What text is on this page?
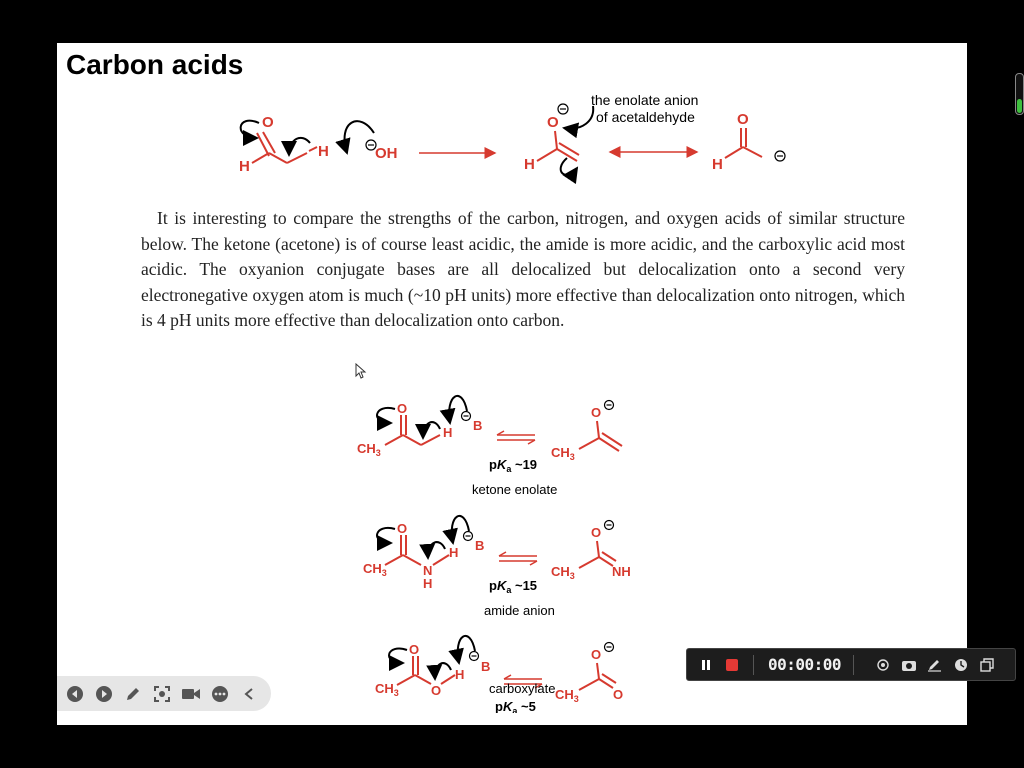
Carbon acids
O
H
H	OH
O
H
the enolate anion
of acetaldehyde	O
H

It is interesting to compare the strengths of the carbon, nitrogen, and oxygen acids of similar structure below. The ketone (acetone) is of course least acidic, the amide is more acidic, and the carboxylic acid most acidic. The oxyanion conjugate bases are all delocalized but delocalization onto a second very electronegative oxygen atom is much (~10 pH units) more effective than delocalization onto nitrogen, which is 4 pH units more effective than delocalization onto carbon.

O
$CH_3$
H B
O
$CH_3$
$pK_a$ ~19
ketone enolate
O
$CH_3$	N
H
H B
O
$CH_3$	NH
$pK_a$ ~15
amide anion
O
$CH_3$ O
H
B
O
$CH_3$	O
$pK_a$ ~5
carboxylate
00:00:00
